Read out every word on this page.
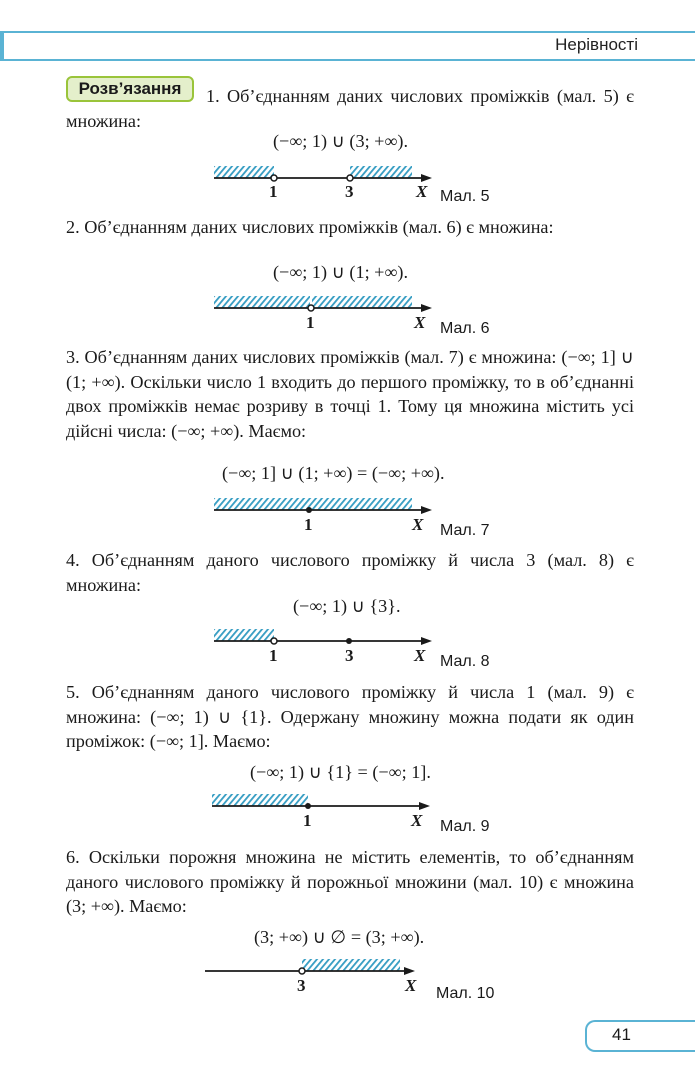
Нерівності
Розв’язання	1. Об’єднанням даних числових проміжків (мал. 5) є множина:

(−∞; 1) ∪ (3; +∞).
1	3	X Мал. 5

2. Об’єднанням даних числових проміжків (мал. 6) є множина:

(−∞; 1) ∪ (1; +∞).
1	X Мал. 6

3. Об’єднанням даних числових проміжків (мал. 7) є множина: (−∞; 1] ∪ (1; +∞). Оскільки число 1 входить до першого проміжку, то в об’єднанні двох проміжків немає розриву в точці 1. Тому ця множина містить усі дійсні числа: (−∞; +∞). Маємо:

(−∞; 1] ∪ (1; +∞) = (−∞; +∞).
1	X Мал. 7

4. Об’єднанням даного числового проміжку й числа 3 (мал. 8) є множина:

(−∞; 1) ∪ {3}.
1	3	X Мал. 8

5. Об’єднанням даного числового проміжку й числа 1 (мал. 9) є множина: (−∞; 1) ∪ {1}. Одержану множину можна подати як один проміжок: (−∞; 1]. Маємо:

(−∞; 1) ∪ {1} = (−∞; 1].
1	X Мал. 9

6. Оскільки порожня множина не містить елементів, то об’єднанням даного числового проміжку й порожньої множини (мал. 10) є множина (3; +∞). Маємо:

(3; +∞) ∪ ∅ = (3; +∞).
3	X Мал. 10
41
